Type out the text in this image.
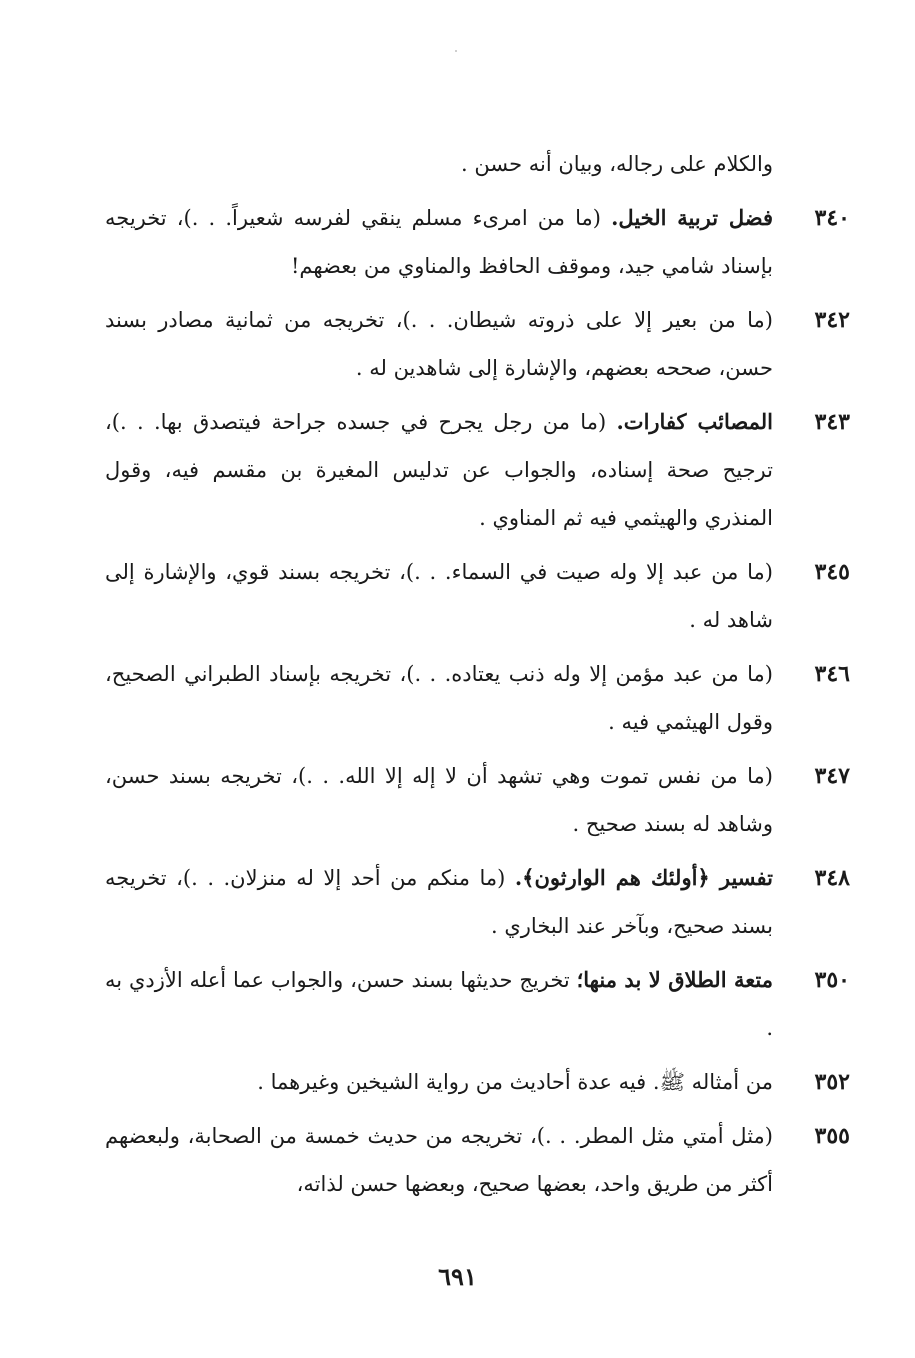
والكلام على رجاله، وبيان أنه حسن .

٣٤٠
فضل تربية الخيل. (ما من امرىء مسلم ينقي لفرسه شعيراً. . .)، تخريجه بإسناد شامي جيد، وموقف الحافظ والمناوي من بعضهم!
٣٤٢
(ما من بعير إلا على ذروته شيطان. . .)، تخريجه من ثمانية مصادر بسند حسن، صححه بعضهم، والإشارة إلى شاهدين له .
٣٤٣
المصائب كفارات. (ما من رجل يجرح في جسده جراحة فيتصدق بها. . .)، ترجيح صحة إسناده، والجواب عن تدليس المغيرة بن مقسم فيه، وقول المنذري والهيثمي فيه ثم المناوي .
٣٤٥
(ما من عبد إلا وله صيت في السماء. . .)، تخريجه بسند قوي، والإشارة إلى شاهد له .
٣٤٦
(ما من عبد مؤمن إلا وله ذنب يعتاده. . .)، تخريجه بإسناد الطبراني الصحيح، وقول الهيثمي فيه .
٣٤٧
(ما من نفس تموت وهي تشهد أن لا إله إلا الله. . .)، تخريجه بسند حسن، وشاهد له بسند صحيح .
٣٤٨
تفسير ﴿أولئك هم الوارثون﴾. (ما منكم من أحد إلا له منزلان. . .)، تخريجه بسند صحيح، وبآخر عند البخاري .
٣٥٠
متعة الطلاق لا بد منها؛ تخريج حديثها بسند حسن، والجواب عما أعله الأزدي به .
٣٥٢
من أمثاله ﷺ. فيه عدة أحاديث من رواية الشيخين وغيرهما .
٣٥٥
(مثل أمتي مثل المطر. . .)، تخريجه من حديث خمسة من الصحابة، ولبعضهم أكثر من طريق واحد، بعضها صحيح، وبعضها حسن لذاته،
٦٩١
